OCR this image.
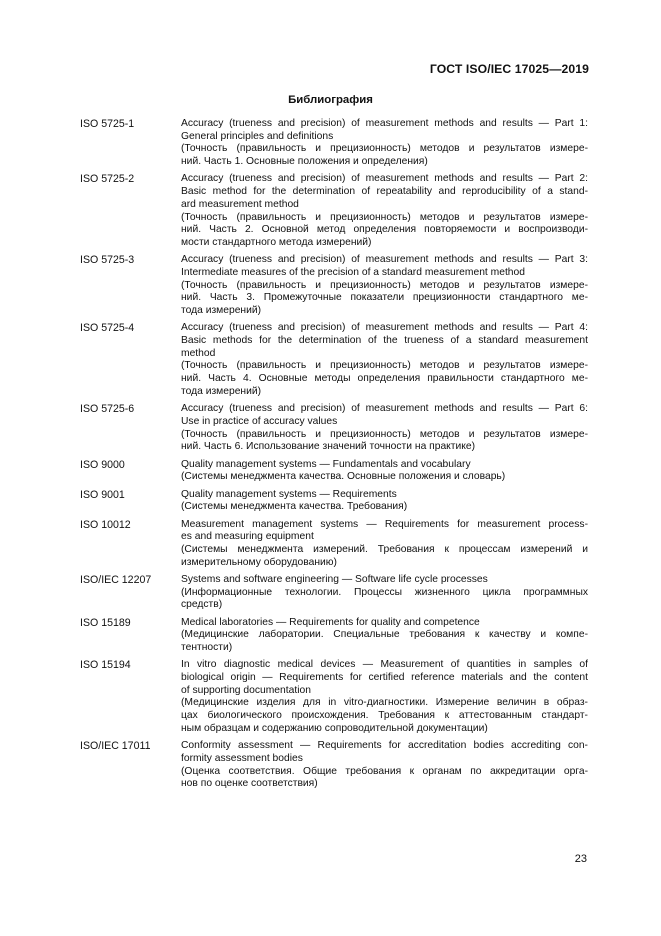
ГОСТ ISO/IEC 17025—2019
Библиография
ISO 5725-1	Accuracy (trueness and precision) of measurement methods and results — Part 1:
General principles and definitions
(Точность (правильность и прецизионность) методов и результатов измере-
ний. Часть 1. Основные положения и определения)
ISO 5725-2	Accuracy (trueness and precision) of measurement methods and results — Part 2:
Basic method for the determination of repeatability and reproducibility of a stand-
ard measurement method
(Точность (правильность и прецизионность) методов и результатов измере-
ний. Часть 2. Основной метод определения повторяемости и воспроизводи-
мости стандартного метода измерений)
ISO 5725-3	Accuracy (trueness and precision) of measurement methods and results — Part 3:
Intermediate measures of the precision of a standard measurement method
(Точность (правильность и прецизионность) методов и результатов измере-
ний. Часть 3. Промежуточные показатели прецизионности стандартного ме-
тода измерений)
ISO 5725-4	Accuracy (trueness and precision) of measurement methods and results — Part 4:
Basic methods for the determination of the trueness of a standard measurement
method
(Точность (правильность и прецизионность) методов и результатов измере-
ний. Часть 4. Основные методы определения правильности стандартного ме-
тода измерений)
ISO 5725-6	Accuracy (trueness and precision) of measurement methods and results — Part 6:
Use in practice of accuracy values
(Точность (правильность и прецизионность) методов и результатов измере-
ний. Часть 6. Использование значений точности на практике)
ISO 9000	Quality management systems — Fundamentals and vocabulary
(Системы менеджмента качества. Основные положения и словарь)
ISO 9001	Quality management systems — Requirements
(Системы менеджмента качества. Требования)
ISO 10012	Measurement management systems — Requirements for measurement process-
es and measuring equipment
(Системы менеджмента измерений. Требования к процессам измерений и
измерительному оборудованию)
ISO/IEC 12207	Systems and software engineering — Software life cycle processes
(Информационные технологии. Процессы жизненного цикла программных
средств)
ISO 15189	Medical laboratories — Requirements for quality and competence
(Медицинские лаборатории. Специальные требования к качеству и компе-
тентности)
ISO 15194	In vitro diagnostic medical devices — Measurement of quantities in samples of
biological origin — Requirements for certified reference materials and the content
of supporting documentation
(Медицинские изделия для in vitro-диагностики. Измерение величин в образ-
цах биологического происхождения. Требования к аттестованным стандарт-
ным образцам и содержанию сопроводительной документации)
ISO/IEC 17011	Conformity assessment — Requirements for accreditation bodies accrediting con-
formity assessment bodies
(Оценка соответствия. Общие требования к органам по аккредитации орга-
нов по оценке соответствия)
23
